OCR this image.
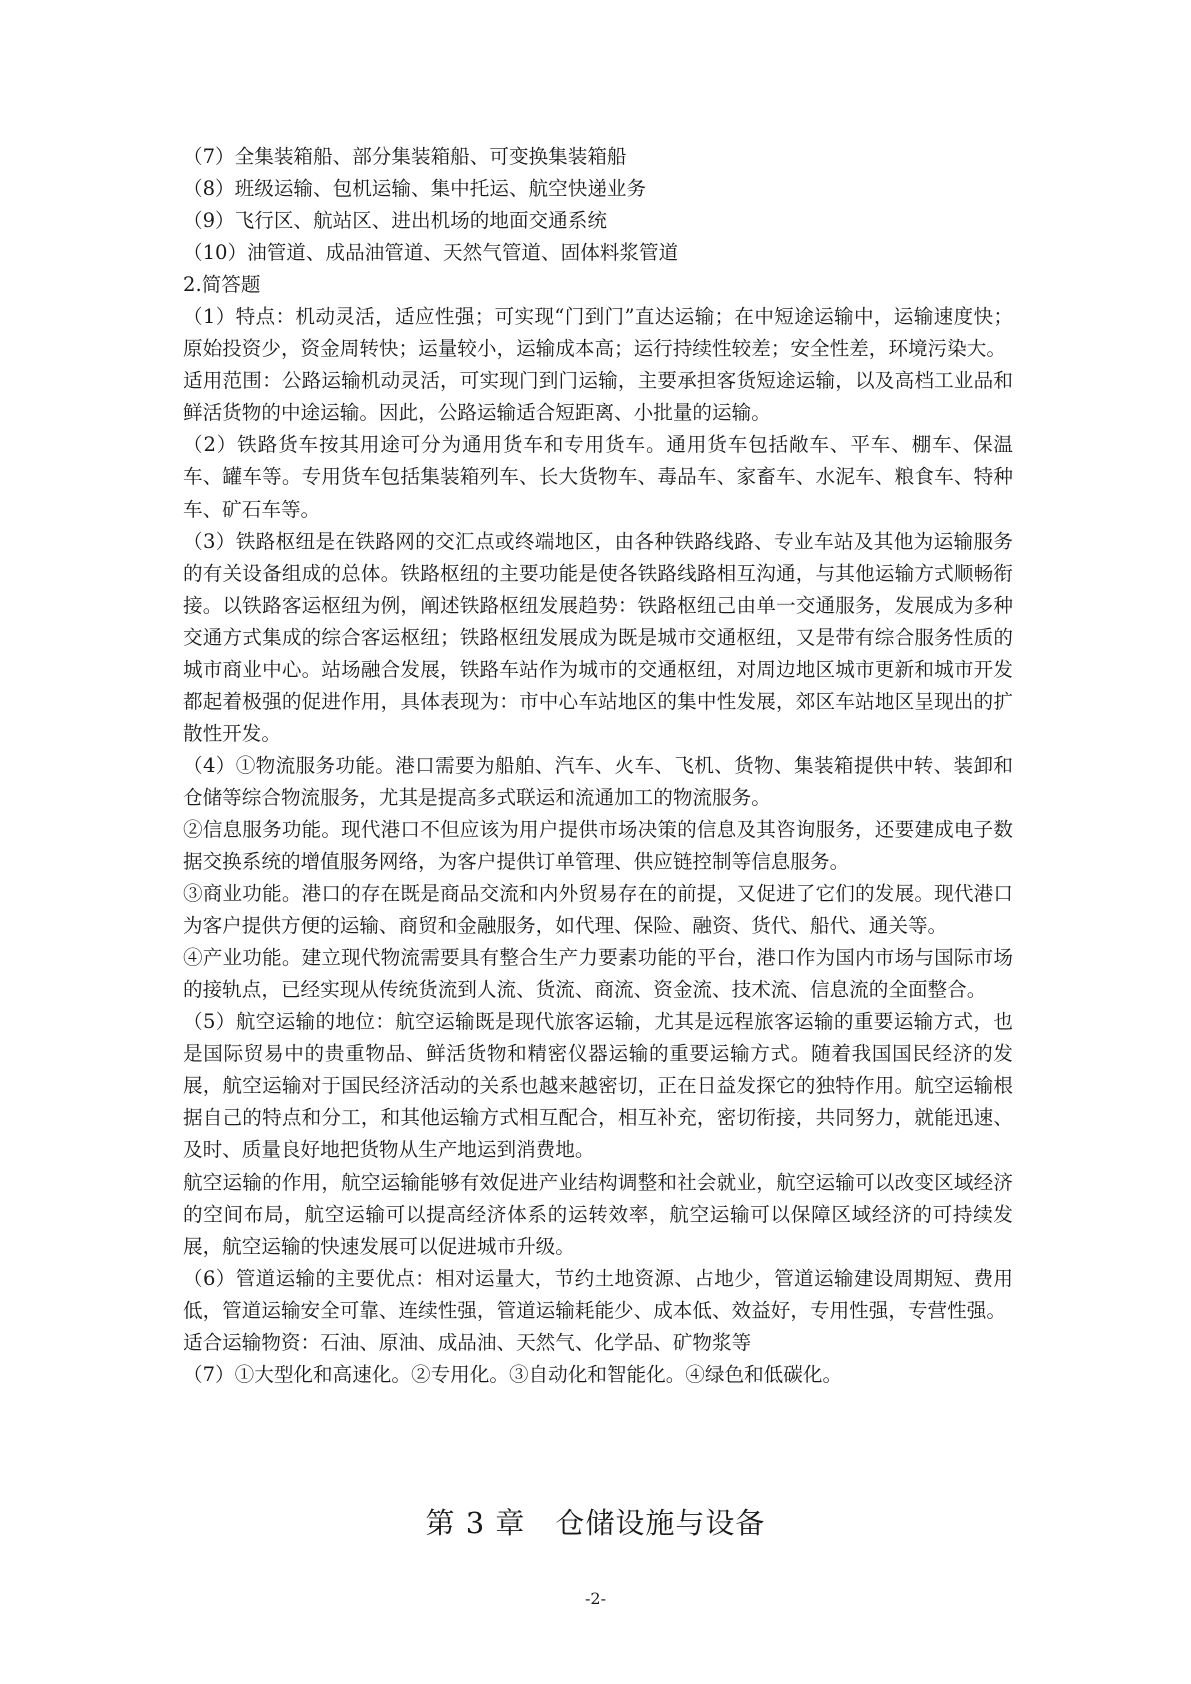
（7）全集装箱船、部分集装箱船、可变换集装箱船

（8）班级运输、包机运输、集中托运、航空快递业务

（9）飞行区、航站区、进出机场的地面交通系统

（10）油管道、成品油管道、天然气管道、固体料浆管道

2.简答题

（1）特点：机动灵活，适应性强；可实现“门到门”直达运输；在中短途运输中，运输速度快；原始投资少，资金周转快；运量较小，运输成本高；运行持续性较差；安全性差，环境污染大。

适用范围：公路运输机动灵活，可实现门到门运输，主要承担客货短途运输，以及高档工业品和鲜活货物的中途运输。因此，公路运输适合短距离、小批量的运输。

（2）铁路货车按其用途可分为通用货车和专用货车。通用货车包括敞车、平车、棚车、保温车、罐车等。专用货车包括集装箱列车、长大货物车、毒品车、家畜车、水泥车、粮食车、特种车、矿石车等。

（3）铁路枢纽是在铁路网的交汇点或终端地区，由各种铁路线路、专业车站及其他为运输服务的有关设备组成的总体。铁路枢纽的主要功能是使各铁路线路相互沟通，与其他运输方式顺畅衔接。以铁路客运枢纽为例，阐述铁路枢纽发展趋势：铁路枢纽己由单一交通服务，发展成为多种交通方式集成的综合客运枢纽；铁路枢纽发展成为既是城市交通枢纽，又是带有综合服务性质的城市商业中心。站场融合发展，铁路车站作为城市的交通枢纽，对周边地区城市更新和城市开发都起着极强的促进作用，具体表现为：市中心车站地区的集中性发展，郊区车站地区呈现出的扩散性开发。

（4）①物流服务功能。港口需要为船舶、汽车、火车、飞机、货物、集装箱提供中转、装卸和仓储等综合物流服务，尤其是提高多式联运和流通加工的物流服务。

②信息服务功能。现代港口不但应该为用户提供市场决策的信息及其咨询服务，还要建成电子数据交换系统的增值服务网络，为客户提供订单管理、供应链控制等信息服务。

③商业功能。港口的存在既是商品交流和内外贸易存在的前提，又促进了它们的发展。现代港口为客户提供方便的运输、商贸和金融服务，如代理、保险、融资、货代、船代、通关等。

④产业功能。建立现代物流需要具有整合生产力要素功能的平台，港口作为国内市场与国际市场的接轨点，已经实现从传统货流到人流、货流、商流、资金流、技术流、信息流的全面整合。

（5）航空运输的地位：航空运输既是现代旅客运输，尤其是远程旅客运输的重要运输方式，也是国际贸易中的贵重物品、鲜活货物和精密仪器运输的重要运输方式。随着我国国民经济的发展，航空运输对于国民经济活动的关系也越来越密切，正在日益发探它的独特作用。航空运输根据自己的特点和分工，和其他运输方式相互配合，相互补充，密切衔接，共同努力，就能迅速、及时、质量良好地把货物从生产地运到消费地。

航空运输的作用，航空运输能够有效促进产业结构调整和社会就业，航空运输可以改变区域经济的空间布局，航空运输可以提高经济体系的运转效率，航空运输可以保障区域经济的可持续发展，航空运输的快速发展可以促进城市升级。

（6）管道运输的主要优点：相对运量大，节约土地资源、占地少，管道运输建设周期短、费用低，管道运输安全可靠、连续性强，管道运输耗能少、成本低、效益好，专用性强，专营性强。

适合运输物资：石油、原油、成品油、天然气、化学品、矿物浆等

（7）①大型化和高速化。②专用化。③自动化和智能化。④绿色和低碳化。

第 3 章　仓储设施与设备
-2-
